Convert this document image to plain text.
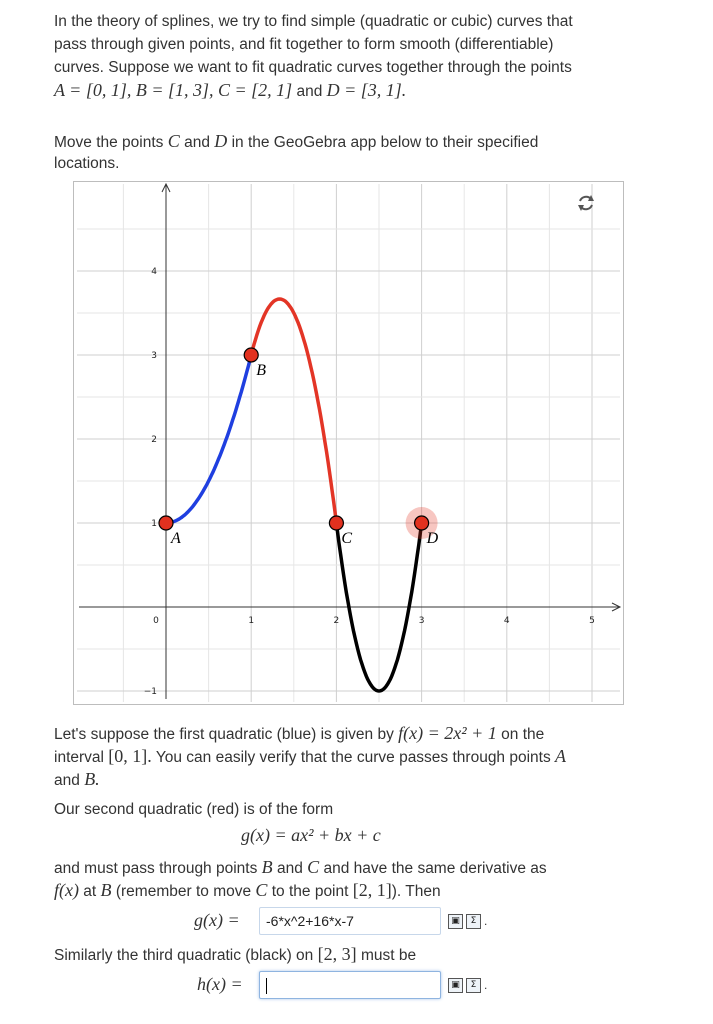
In the theory of splines, we try to find simple (quadratic or cubic) curves that

pass through given points, and fit together to form smooth (differentiable)

curves. Suppose we want to fit quadratic curves together through the points

A = [0, 1], B = [1, 3], C = [2, 1] and D = [3, 1].

Move the points C and D in the GeoGebra app below to their specified

locations.

0	1	2	3	4	5
−1
1
2
3
4
A
B
C	D

Let's suppose the first quadratic (blue) is given by f(x) = 2x² + 1 on the

interval [0, 1]. You can easily verify that the curve passes through points A

and B.

Our second quadratic (red) is of the form

g(x) = ax² + bx + c

and must pass through points B and C and have the same derivative as

f(x) at B (remember to move C to the point [2, 1]). Then

g(x) =	-6*x^2+16*x-7	▣	Σ .

Similarly the third quadratic (black) on [2, 3] must be

h(x) =	▣	Σ .
